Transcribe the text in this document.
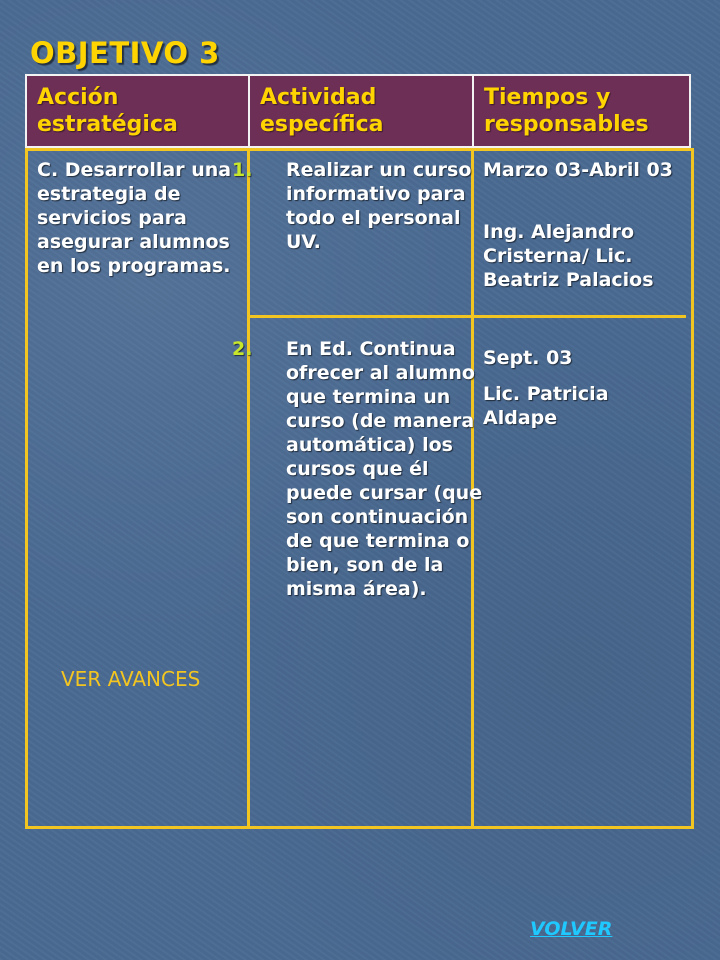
OBJETIVO 3
Acción estratégica
Actividad específica
Tiempos y responsables
C. Desarrollar una estrategia de servicios para asegurar alumnos en los programas.
1. Realizar un curso informativo para todo el personal UV.
2. En Ed. Continua ofrecer al alumno que termina un curso (de manera automática) los cursos que él puede cursar (que son continuación de que termina o bien, son de la misma área).
Marzo 03-Abril 03
Ing. Alejandro Cristerna/ Lic. Beatriz Palacios
Sept. 03
Lic. Patricia Aldape
VER AVANCES
VOLVER
